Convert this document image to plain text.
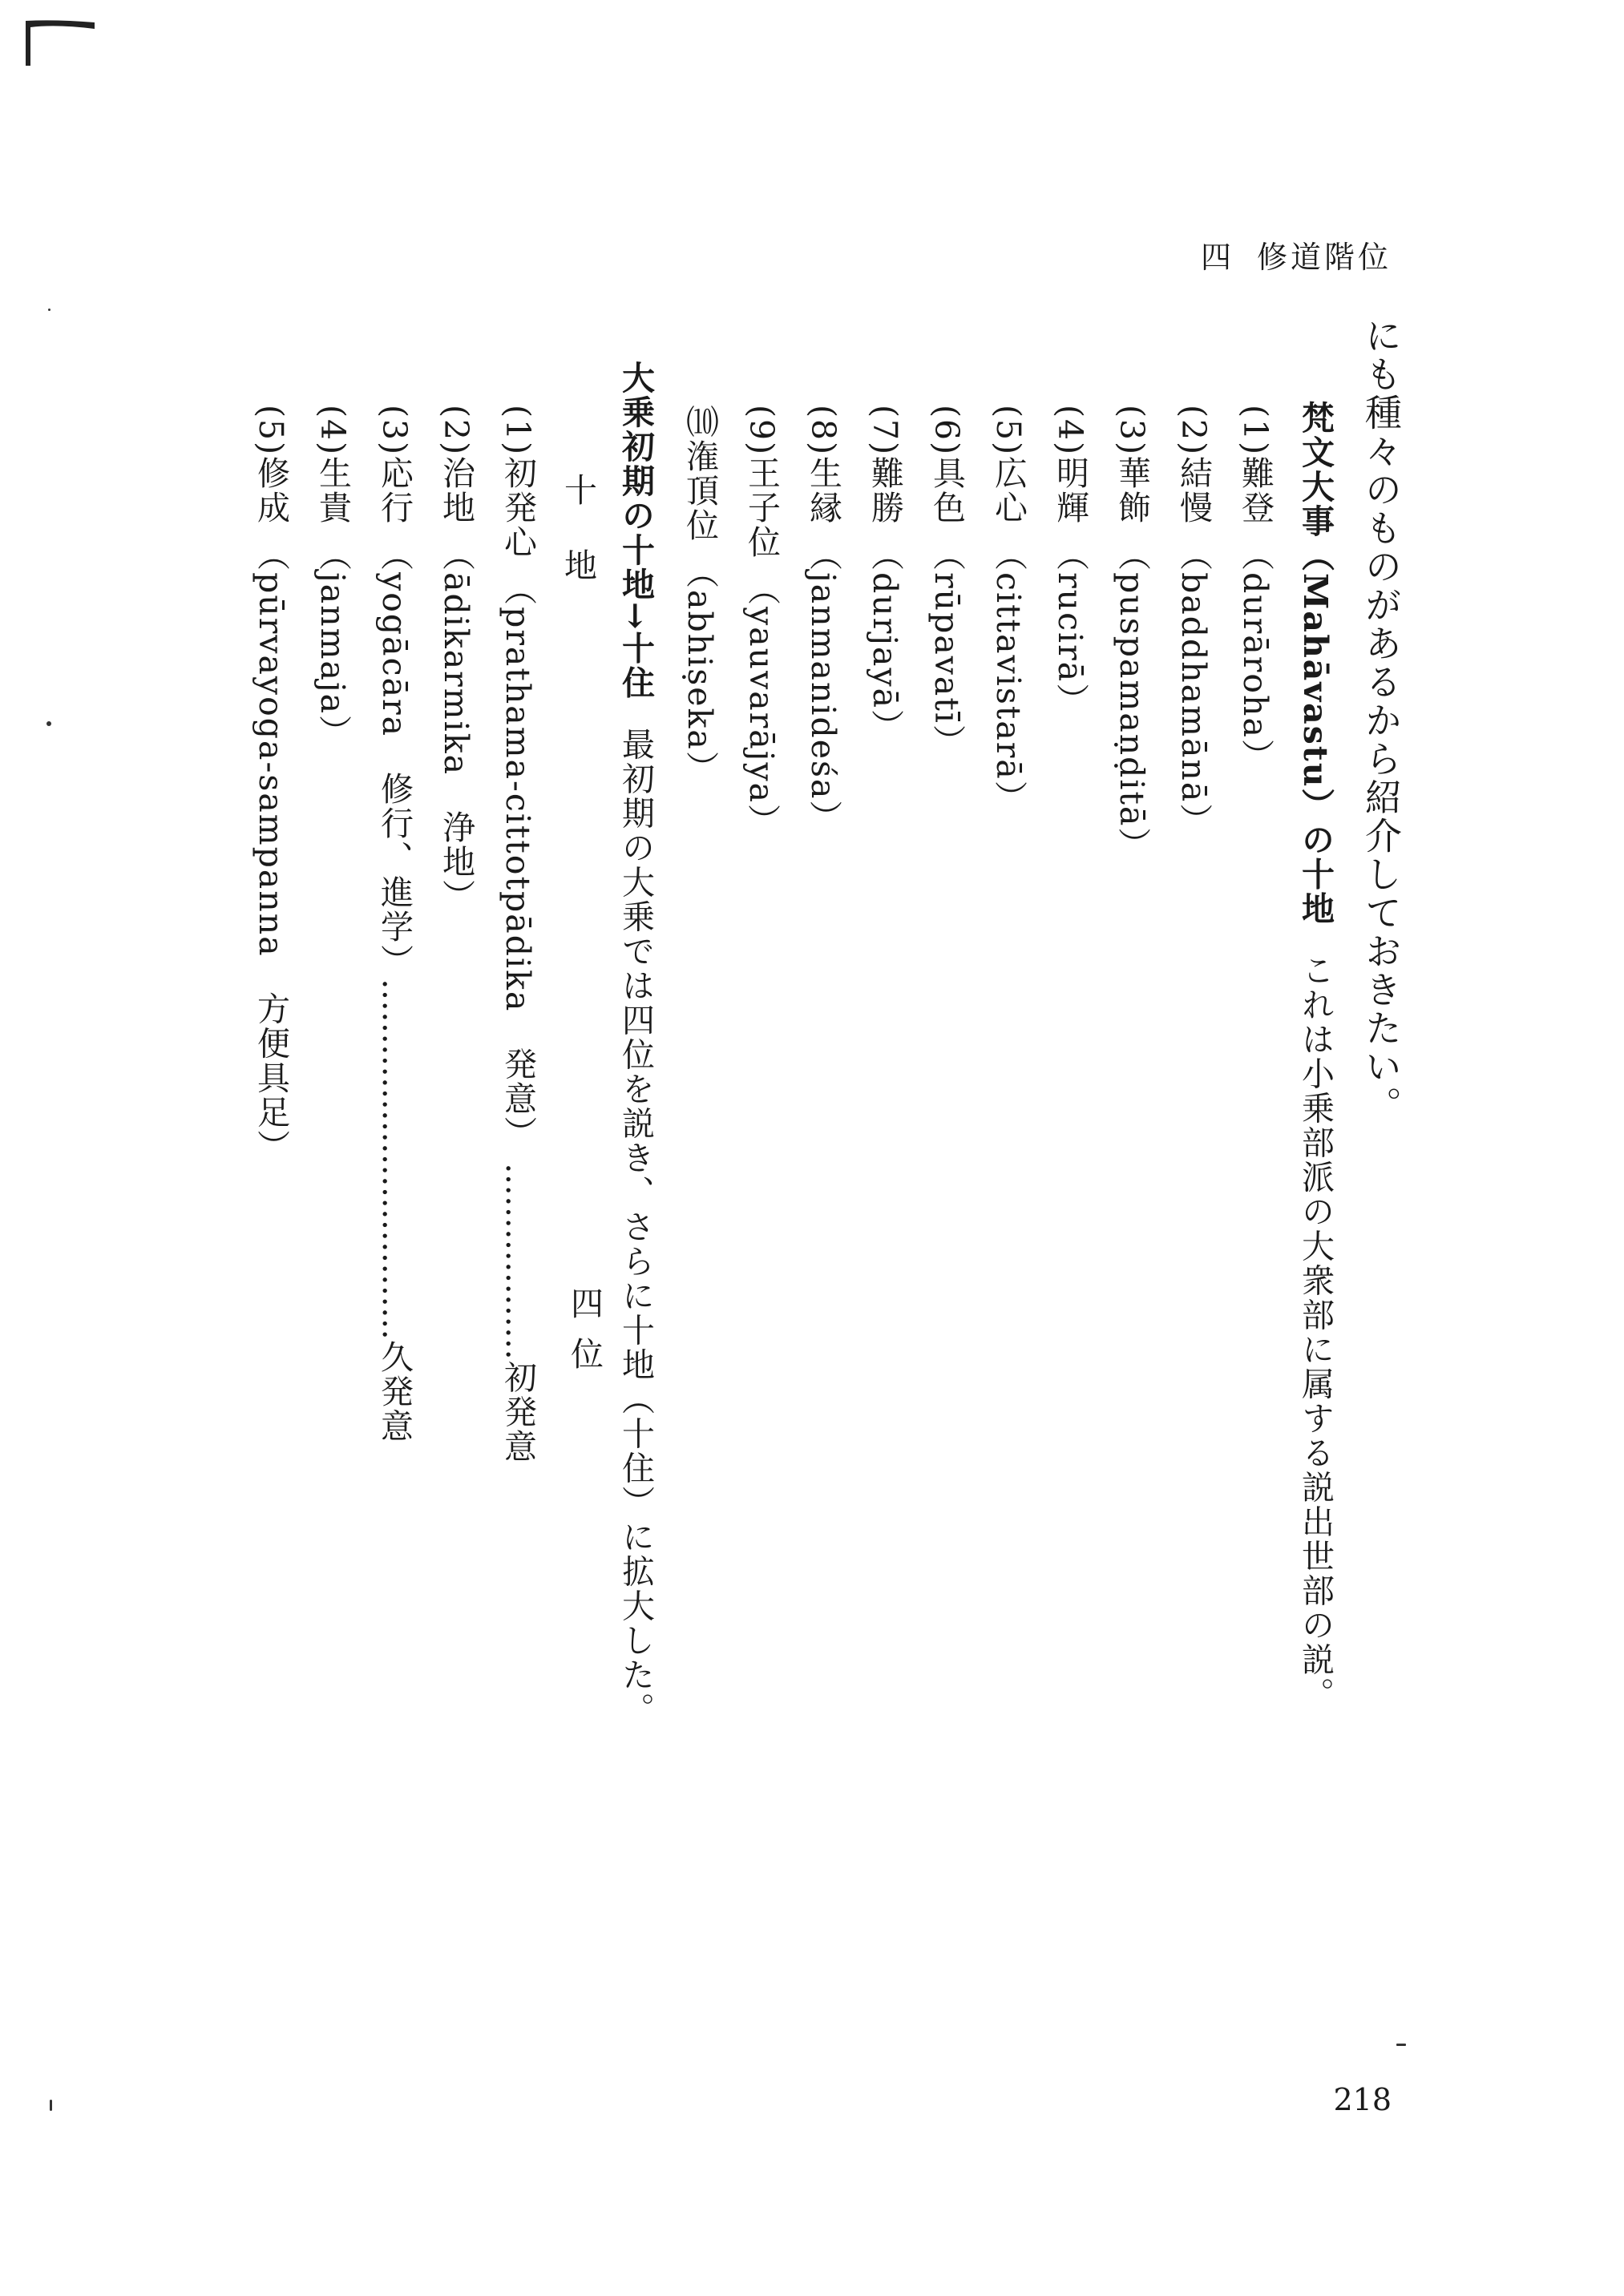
四 修道階位
にも種々のものがあるから紹介しておきたい。
梵文大事（Mahāvastu）の十地これは小乗部派の大衆部に属する説出世部の説。
(1)難登（durāroha）
(2)結慢（baddhamānā）
(3)華飾（puspamaṇḍitā）
(4)明輝（rucirā）
(5)広心（cittavistarā）
(6)具色（rūpavatī）
(7)難勝（durjayā）
(8)生縁（janmanideśa）
(9)王子位（yauvarājya）
⑽潅頂位（abhiṣeka）
大乗初期の十地→十住最初期の大乗では四位を説き、さらに十地（十住）に拡大した。
十　地
四位
(1)初発心（prathama-cittotpādika　発意）………………初発意
(2)治地（ādikarmika　浄地）
(3)応行（yogācāra　修行、進学）……………………………久発意
(4)生貴（janmaja）
(5)修成（pūrvayoga-sampanna　方便具足）
218
